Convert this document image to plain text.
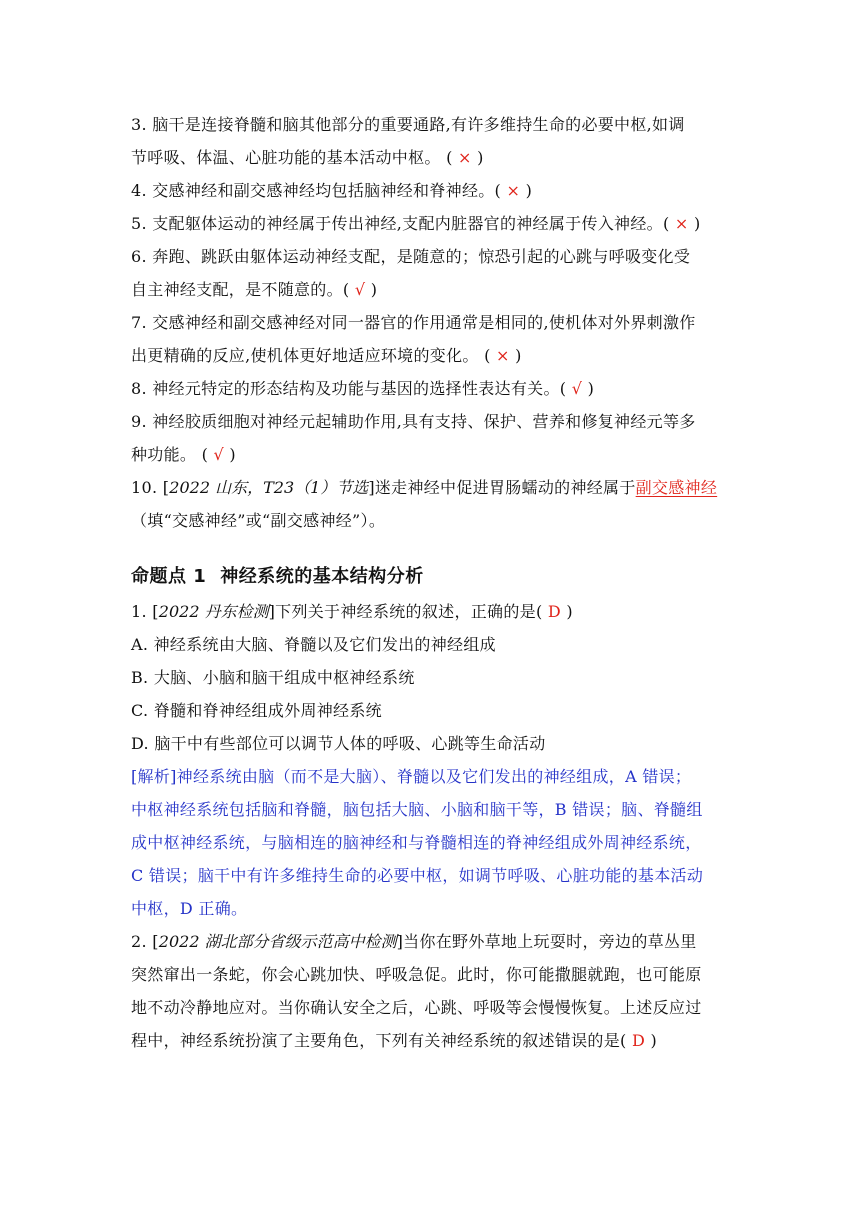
3. 脑干是连接脊髓和脑其他部分的重要通路,有许多维持生命的必要中枢,如调
节呼吸、体温、心脏功能的基本活动中枢。 ( × )
4. 交感神经和副交感神经均包括脑神经和脊神经。( × )
5. 支配躯体运动的神经属于传出神经,支配内脏器官的神经属于传入神经。( × )
6. 奔跑、跳跃由躯体运动神经支配，是随意的；惊恐引起的心跳与呼吸变化受
自主神经支配，是不随意的。( √ )
7. 交感神经和副交感神经对同一器官的作用通常是相同的,使机体对外界刺激作
出更精确的反应,使机体更好地适应环境的变化。 ( × )
8. 神经元特定的形态结构及功能与基因的选择性表达有关。( √ )
9. 神经胶质细胞对神经元起辅助作用,具有支持、保护、营养和修复神经元等多
种功能。 ( √ )
10. [2022 山东，T23（1）节选]迷走神经中促进胃肠蠕动的神经属于副交感神经
（填“交感神经”或“副交感神经”）。
命题点 1 神经系统的基本结构分析
1. [2022 丹东检测]下列关于神经系统的叙述，正确的是( D )
A. 神经系统由大脑、脊髓以及它们发出的神经组成
B. 大脑、小脑和脑干组成中枢神经系统
C. 脊髓和脊神经组成外周神经系统
D. 脑干中有些部位可以调节人体的呼吸、心跳等生命活动
[解析]神经系统由脑（而不是大脑）、脊髓以及它们发出的神经组成，A 错误；
中枢神经系统包括脑和脊髓，脑包括大脑、小脑和脑干等，B 错误；脑、脊髓组
成中枢神经系统，与脑相连的脑神经和与脊髓相连的脊神经组成外周神经系统，
C 错误；脑干中有许多维持生命的必要中枢，如调节呼吸、心脏功能的基本活动
中枢，D 正确。
2. [2022 湖北部分省级示范高中检测]当你在野外草地上玩耍时，旁边的草丛里
突然窜出一条蛇，你会心跳加快、呼吸急促。此时，你可能撒腿就跑，也可能原
地不动冷静地应对。当你确认安全之后，心跳、呼吸等会慢慢恢复。上述反应过
程中，神经系统扮演了主要角色，下列有关神经系统的叙述错误的是( D )
